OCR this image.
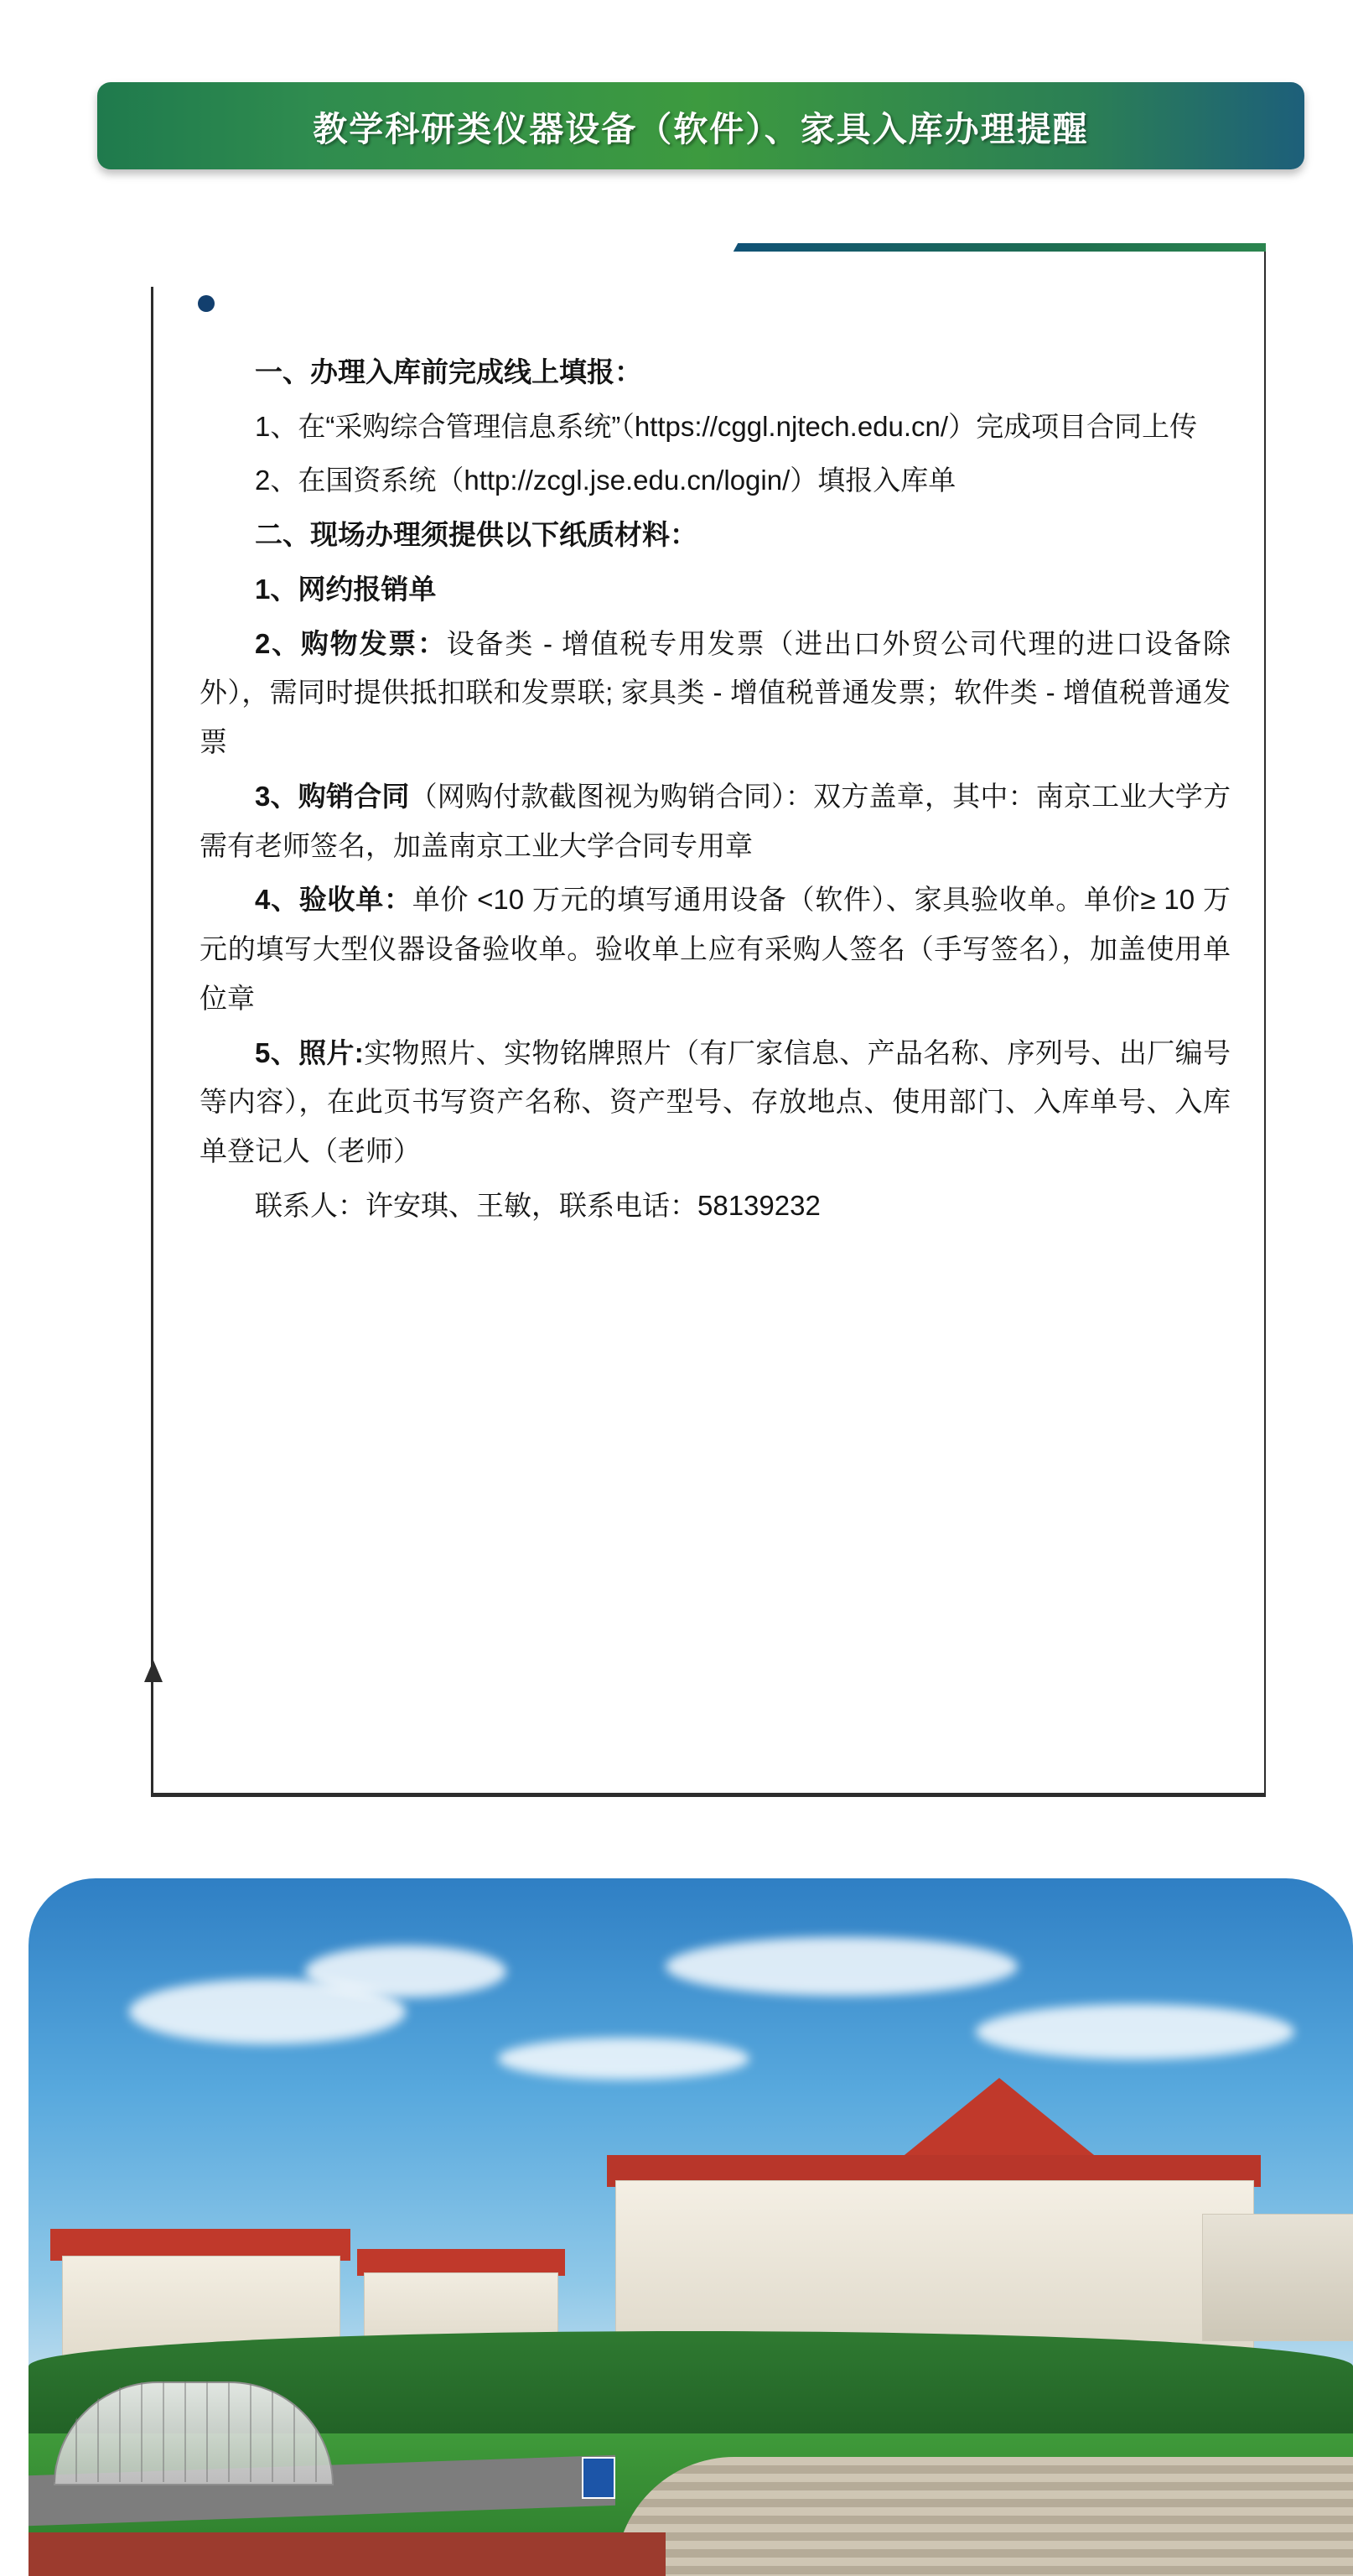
教学科研类仪器设备（软件）、家具入库办理提醒

一、办理入库前完成线上填报：

1、在“采购综合管理信息系统”（https://cggl.njtech.edu.cn/）完成项目合同上传

2、在国资系统（http://zcgl.jse.edu.cn/login/）填报入库单

二、现场办理须提供以下纸质材料：

1、网约报销单

2、购物发票：设备类 - 增值税专用发票（进出口外贸公司代理的进口设备除外），需同时提供抵扣联和发票联; 家具类 - 增值税普通发票；软件类 - 增值税普通发票

3、购销合同（网购付款截图视为购销合同）：双方盖章，其中：南京工业大学方需有老师签名，加盖南京工业大学合同专用章

4、验收单：单价 <10 万元的填写通用设备（软件）、家具验收单。单价≥ 10 万元的填写大型仪器设备验收单。验收单上应有采购人签名（手写签名），加盖使用单位章

5、照片:实物照片、实物铭牌照片（有厂家信息、产品名称、序列号、出厂编号等内容），在此页书写资产名称、资产型号、存放地点、使用部门、入库单号、入库单登记人（老师）

联系人：许安琪、王敏，联系电话：58139232
